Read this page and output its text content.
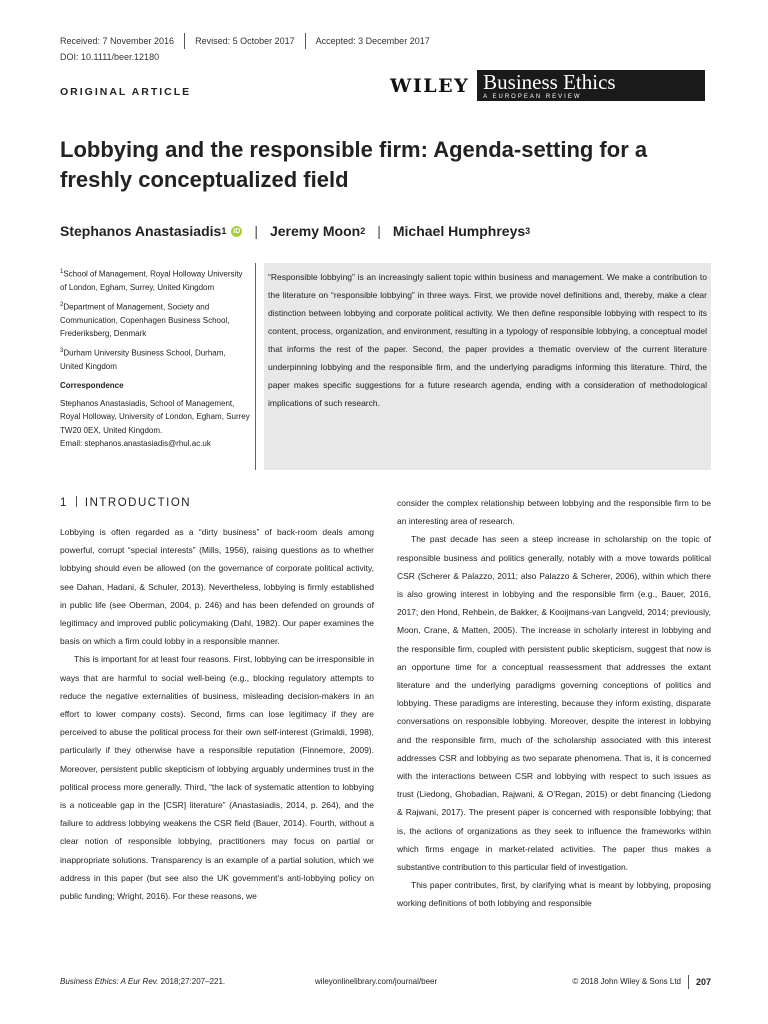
Received: 7 November 2016 Revised: 5 October 2017 Accepted: 3 December 2017
DOI: 10.1111/beer.12180
ORIGINAL ARTICLE	WILEY Business Ethics
A EUROPEAN REVIEW
Lobbying and the responsible firm: Agenda-setting for a freshly conceptualized field
Stephanos Anastasiadis 1 iD | Jeremy Moon 2 | Michael Humphreys 3

$^1$School of Management, Royal Holloway University of London, Egham, Surrey, United Kingdom

$^2$Department of Management, Society and Communication, Copenhagen Business School, Frederiksberg, Denmark

$^3$Durham University Business School, Durham, United Kingdom

Correspondence

Stephanos Anastasiadis, School of Management, Royal Holloway, University of London, Egham, Surrey TW20 0EX, United Kingdom.
Email: stephanos.anastasiadis@rhul.ac.uk
“Responsible lobbying” is an increasingly salient topic within business and management. We make a contribution to the literature on “responsible lobbying” in three ways. First, we provide novel definitions and, thereby, make a clear distinction between lobbying and corporate political activity. We then define responsible lobbying with respect to its content, process, organization, and environment, resulting in a typology of responsible lobbying, a conceptual model that informs the rest of the paper. Second, the paper provides a thematic overview of the current literature underpinning lobbying and the responsible firm, and the underlying paradigms informing this literature. Third, the paper makes specific suggestions for a future research agenda, ending with a consideration of methodological implications of such research.
1 INTRODUCTION

Lobbying is often regarded as a “dirty business” of back-room deals among powerful, corrupt “special interests” (Mills, 1956), raising questions as to whether lobbying should even be allowed (on the governance of corporate political activity, see Dahan, Hadani, & Schuler, 2013). Nevertheless, lobbying is firmly established in public life (see Oberman, 2004, p. 246) and has been defended on grounds of legitimacy and improved public policymaking (Dahl, 1982). Our paper examines the basis on which a firm could lobby in a responsible manner.

This is important for at least four reasons. First, lobbying can be irresponsible in ways that are harmful to social well-being (e.g., blocking regulatory attempts to reduce the negative externalities of business, misleading decision-makers in an effort to lower company costs). Second, firms can lose legitimacy if they are perceived to abuse the political process for their own self-interest (Grimaldi, 1998), particularly if they otherwise have a responsible reputation (Finnemore, 2009). Moreover, persistent public skepticism of lobbying arguably undermines trust in the political process more generally. Third, “the lack of systematic attention to lobbying is a noticeable gap in the [CSR] literature” (Anastasiadis, 2014, p. 264), and the failure to address lobbying weakens the CSR field (Bauer, 2014). Fourth, without a clear notion of responsible lobbying, practitioners may focus on partial or inappropriate solutions. Transparency is an example of a partial solution, which we address in this paper (but see also the UK government’s anti-lobbying policy on public funding; Wright, 2016). For these reasons, we

consider the complex relationship between lobbying and the responsible firm to be an interesting area of research.

The past decade has seen a steep increase in scholarship on the topic of responsible business and politics generally, notably with a move towards political CSR (Scherer & Palazzo, 2011; also Palazzo & Scherer, 2006), within which there is also growing interest in lobbying and the responsible firm (e.g., Bauer, 2016, 2017; den Hond, Rehbein, de Bakker, & Kooijmans-van Langveld, 2014; previously, Moon, Crane, & Matten, 2005). The increase in scholarly interest in lobbying and the responsible firm, coupled with persistent public skepticism, suggest that now is an opportune time for a conceptual reassessment that addresses the extant literature and the underlying paradigms governing conceptions of politics and lobbying. These paradigms are interesting, because they inform existing, disparate conversations on responsible lobbying. Moreover, despite the interest in lobbying and the responsible firm, much of the scholarship associated with this interest addresses CSR and lobbying as two separate phenomena. That is, it is concerned with the interactions between CSR and lobbying with respect to such issues as trust (Liedong, Ghobadian, Rajwani, & O’Regan, 2015) or debt financing (Liedong & Rajwani, 2017). The present paper is concerned with responsible lobbying; that is, the actions of organizations as they seek to influence the frameworks within which firms engage in market-related activities. The paper thus makes a substantive contribution to this particular field of investigation.

This paper contributes, first, by clarifying what is meant by lobbying, proposing working definitions of both lobbying and responsible

Business Ethics: A Eur Rev. 2018;27:207–221.	wileyonlinelibrary.com/journal/beer	© 2018 John Wiley & Sons Ltd 207
